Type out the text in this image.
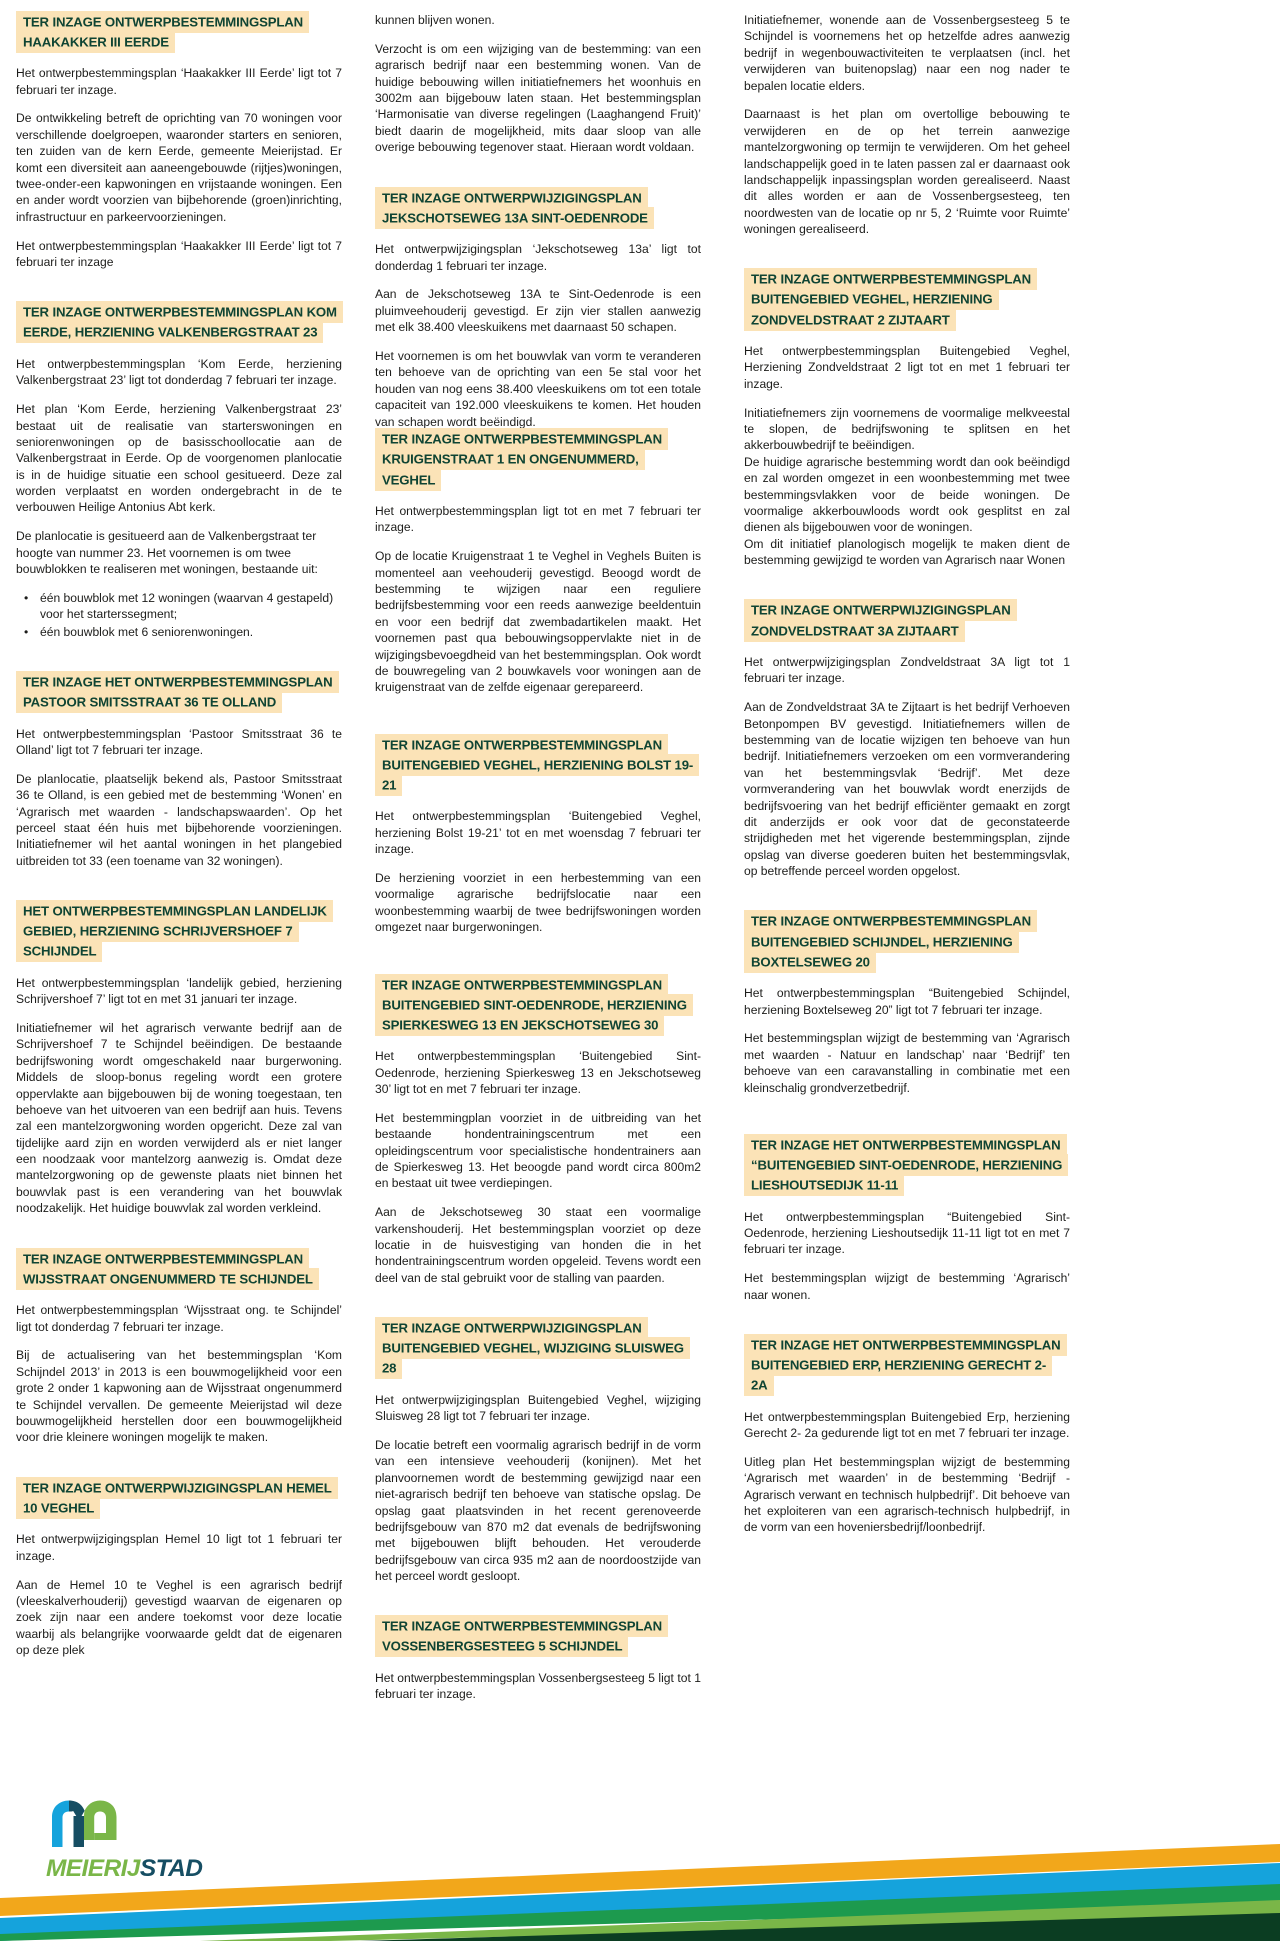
TER INZAGE ONTWERPBESTEMMINGSPLAN HAAKAKKER III EERDE

Het ontwerpbestemmingsplan ‘Haakakker III Eerde’ ligt tot 7 februari ter inzage.

De ontwikkeling betreft de oprichting van 70 woningen voor verschillende doelgroepen, waaronder starters en senioren, ten zuiden van de kern Eerde, gemeente Meierijstad. Er komt een diversiteit aan aaneengebouwde (rijtjes)woningen, twee-onder-een kapwoningen en vrijstaande woningen. Een en ander wordt voorzien van bijbehorende (groen)inrichting, infrastructuur en parkeervoorzieningen.

Het ontwerpbestemmingsplan ‘Haakakker III Eerde’ ligt tot 7 februari ter inzage

TER INZAGE ONTWERPBESTEMMINGSPLAN KOM EERDE, HERZIENING VALKENBERGSTRAAT 23

Het ontwerpbestemmingsplan ‘Kom Eerde, herziening Valkenbergstraat 23’ ligt tot donderdag 7 februari ter inzage.

Het plan ‘Kom Eerde, herziening Valkenbergstraat 23’ bestaat uit de realisatie van starterswoningen en seniorenwoningen op de basisschoollocatie aan de Valkenbergstraat in Eerde. Op de voorgenomen planlocatie is in de huidige situatie een school gesitueerd. Deze zal worden verplaatst en worden ondergebracht in de te verbouwen Heilige Antonius Abt kerk.

De planlocatie is gesitueerd aan de Valkenbergstraat ter hoogte van nummer 23. Het voornemen is om twee bouwblokken te realiseren met woningen, bestaande uit:

• één bouwblok met 12 woningen (waarvan 4 gestapeld) voor het starterssegment;
• één bouwblok met 6 seniorenwoningen.
TER INZAGE HET ONTWERPBESTEMMINGSPLAN PASTOOR SMITSSTRAAT 36 TE OLLAND

Het ontwerpbestemmingsplan ‘Pastoor Smitsstraat 36 te Olland’ ligt tot 7 februari ter inzage.

De planlocatie, plaatselijk bekend als, Pastoor Smitsstraat 36 te Olland, is een gebied met de bestemming ‘Wonen’ en ‘Agrarisch met waarden - landschapswaarden’. Op het perceel staat één huis met bijbehorende voorzieningen. Initiatiefnemer wil het aantal woningen in het plangebied uitbreiden tot 33 (een toename van 32 woningen).

HET ONTWERPBESTEMMINGSPLAN LANDELIJK GEBIED, HERZIENING SCHRIJVERSHOEF 7 SCHIJNDEL

Het ontwerpbestemmingsplan ‘landelijk gebied, herziening Schrijvershoef 7’ ligt tot en met 31 januari ter inzage.

Initiatiefnemer wil het agrarisch verwante bedrijf aan de Schrijvershoef 7 te Schijndel beëindigen. De bestaande bedrijfswoning wordt omgeschakeld naar burgerwoning. Middels de sloop-bonus regeling wordt een grotere oppervlakte aan bijgebouwen bij de woning toegestaan, ten behoeve van het uitvoeren van een bedrijf aan huis. Tevens zal een mantelzorgwoning worden opgericht. Deze zal van tijdelijke aard zijn en worden verwijderd als er niet langer een noodzaak voor mantelzorg aanwezig is. Omdat deze mantelzorgwoning op de gewenste plaats niet binnen het bouwvlak past is een verandering van het bouwvlak noodzakelijk. Het huidige bouwvlak zal worden verkleind.

TER INZAGE ONTWERPBESTEMMINGSPLAN WIJSSTRAAT ONGENUMMERD TE SCHIJNDEL

Het ontwerpbestemmingsplan ‘Wijsstraat ong. te Schijndel’ ligt tot donderdag 7 februari ter inzage.

Bij de actualisering van het bestemmingsplan ‘Kom Schijndel 2013’ in 2013 is een bouwmogelijkheid voor een grote 2 onder 1 kapwoning aan de Wijsstraat ongenummerd te Schijndel vervallen. De gemeente Meierijstad wil deze bouwmogelijkheid herstellen door een bouwmogelijkheid voor drie kleinere woningen mogelijk te maken.

TER INZAGE ONTWERPWIJZIGINGSPLAN HEMEL 10 VEGHEL

Het ontwerpwijzigingsplan Hemel 10 ligt tot 1 februari ter inzage.

Aan de Hemel 10 te Veghel is een agrarisch bedrijf (vleeskalverhouderij) gevestigd waarvan de eigenaren op zoek zijn naar een andere toekomst voor deze locatie waarbij als belangrijke voorwaarde geldt dat de eigenaren op deze plek

kunnen blijven wonen.

Verzocht is om een wijziging van de bestemming: van een agrarisch bedrijf naar een bestemming wonen. Van de huidige bebouwing willen initiatiefnemers het woonhuis en 3002m aan bijgebouw laten staan. Het bestemmingsplan ‘Harmonisatie van diverse regelingen (Laaghangend Fruit)’ biedt daarin de mogelijkheid, mits daar sloop van alle overige bebouwing tegenover staat. Hieraan wordt voldaan.

TER INZAGE ONTWERPWIJZIGINGSPLAN JEKSCHOTSEWEG 13A SINT-OEDENRODE

Het ontwerpwijzigingsplan ‘Jekschotseweg 13a’ ligt tot donderdag 1 februari ter inzage.

Aan de Jekschotseweg 13A te Sint-Oedenrode is een pluimveehouderij gevestigd. Er zijn vier stallen aanwezig met elk 38.400 vleeskuikens met daarnaast 50 schapen.

Het voornemen is om het bouwvlak van vorm te veranderen ten behoeve van de oprichting van een 5e stal voor het houden van nog eens 38.400 vleeskuikens om tot een totale capaciteit van 192.000 vleeskuikens te komen. Het houden van schapen wordt beëindigd.

TER INZAGE ONTWERPBESTEMMINGSPLAN KRUIGENSTRAAT 1 EN ONGENUMMERD, VEGHEL

Het ontwerpbestemmingsplan ligt tot en met 7 februari ter inzage.

Op de locatie Kruigenstraat 1 te Veghel in Veghels Buiten is momenteel aan veehouderij gevestigd. Beoogd wordt de bestemming te wijzigen naar een reguliere bedrijfsbestemming voor een reeds aanwezige beeldentuin en voor een bedrijf dat zwembadartikelen maakt. Het voornemen past qua bebouwingsoppervlakte niet in de wijzigingsbevoegdheid van het bestemmingsplan. Ook wordt de bouwregeling van 2 bouwkavels voor woningen aan de kruigenstraat van de zelfde eigenaar gerepareerd.

TER INZAGE ONTWERPBESTEMMINGSPLAN BUITENGEBIED VEGHEL, HERZIENING BOLST 19-21

Het ontwerpbestemmingsplan ‘Buitengebied Veghel, herziening Bolst 19-21’ tot en met woensdag 7 februari ter inzage.

De herziening voorziet in een herbestemming van een voormalige agrarische bedrijfslocatie naar een woonbestemming waarbij de twee bedrijfswoningen worden omgezet naar burgerwoningen.

TER INZAGE ONTWERPBESTEMMINGSPLAN BUITENGEBIED SINT-OEDENRODE, HERZIENING SPIERKESWEG 13 EN JEKSCHOTSEWEG 30

Het ontwerpbestemmingsplan ‘Buitengebied Sint-Oedenrode, herziening Spierkesweg 13 en Jekschotseweg 30’ ligt tot en met 7 februari ter inzage.

Het bestemmingplan voorziet in de uitbreiding van het bestaande hondentrainingscentrum met een opleidingscentrum voor specialistische hondentrainers aan de Spierkesweg 13. Het beoogde pand wordt circa 800m2 en bestaat uit twee verdiepingen.

Aan de Jekschotseweg 30 staat een voormalige varkenshouderij. Het bestemmingsplan voorziet op deze locatie in de huisvestiging van honden die in het hondentrainingscentrum worden opgeleid. Tevens wordt een deel van de stal gebruikt voor de stalling van paarden.

TER INZAGE ONTWERPWIJZIGINGSPLAN BUITENGEBIED VEGHEL, WIJZIGING SLUISWEG 28

Het ontwerpwijzigingsplan Buitengebied Veghel, wijziging Sluisweg 28 ligt tot 7 februari ter inzage.

De locatie betreft een voormalig agrarisch bedrijf in de vorm van een intensieve veehouderij (konijnen). Met het planvoornemen wordt de bestemming gewijzigd naar een niet-agrarisch bedrijf ten behoeve van statische opslag. De opslag gaat plaatsvinden in het recent gerenoveerde bedrijfsgebouw van 870 m2 dat evenals de bedrijfswoning met bijgebouwen blijft behouden. Het verouderde bedrijfsgebouw van circa 935 m2 aan de noordoostzijde van het perceel wordt gesloopt.

TER INZAGE ONTWERPBESTEMMINGSPLAN VOSSENBERGSESTEEG 5 SCHIJNDEL

Het ontwerpbestemmingsplan Vossenbergsesteeg 5 ligt tot 1 februari ter inzage.

Initiatiefnemer, wonende aan de Vossenbergsesteeg 5 te Schijndel is voornemens het op hetzelfde adres aanwezig bedrijf in wegenbouwactiviteiten te verplaatsen (incl. het verwijderen van buitenopslag) naar een nog nader te bepalen locatie elders.

Daarnaast is het plan om overtollige bebouwing te verwijderen en de op het terrein aanwezige mantelzorgwoning op termijn te verwijderen. Om het geheel landschappelijk goed in te laten passen zal er daarnaast ook landschappelijk inpassingsplan worden gerealiseerd. Naast dit alles worden er aan de Vossenbergsesteeg, ten noordwesten van de locatie op nr 5, 2 ‘Ruimte voor Ruimte’ woningen gerealiseerd.

TER INZAGE ONTWERPBESTEMMINGSPLAN BUITENGEBIED VEGHEL, HERZIENING ZONDVELDSTRAAT 2 ZIJTAART

Het ontwerpbestemmingsplan Buitengebied Veghel, Herziening Zondveldstraat 2 ligt tot en met 1 februari ter inzage.

Initiatiefnemers zijn voornemens de voormalige melkveestal te slopen, de bedrijfswoning te splitsen en het akkerbouwbedrijf te beëindigen.

De huidige agrarische bestemming wordt dan ook beëindigd en zal worden omgezet in een woonbestemming met twee bestemmingsvlakken voor de beide woningen. De voormalige akkerbouwloods wordt ook gesplitst en zal dienen als bijgebouwen voor de woningen.

Om dit initiatief planologisch mogelijk te maken dient de bestemming gewijzigd te worden van Agrarisch naar Wonen

TER INZAGE ONTWERPWIJZIGINGSPLAN ZONDVELDSTRAAT 3A ZIJTAART

Het ontwerpwijzigingsplan Zondveldstraat 3A ligt tot 1 februari ter inzage.

Aan de Zondveldstraat 3A te Zijtaart is het bedrijf Verhoeven Betonpompen BV gevestigd. Initiatiefnemers willen de bestemming van de locatie wijzigen ten behoeve van hun bedrijf. Initiatiefnemers verzoeken om een vormverandering van het bestemmingsvlak ‘Bedrijf’. Met deze vormverandering van het bouwvlak wordt enerzijds de bedrijfsvoering van het bedrijf efficiënter gemaakt en zorgt dit anderzijds er ook voor dat de geconstateerde strijdigheden met het vigerende bestemmingsplan, zijnde opslag van diverse goederen buiten het bestemmingsvlak, op betreffende perceel worden opgelost.

TER INZAGE ONTWERPBESTEMMINGSPLAN BUITENGEBIED SCHIJNDEL, HERZIENING BOXTELSEWEG 20

Het ontwerpbestemmingsplan “Buitengebied Schijndel, herziening Boxtelseweg 20” ligt tot 7 februari ter inzage.

Het bestemmingsplan wijzigt de bestemming van ‘Agrarisch met waarden - Natuur en landschap’ naar ‘Bedrijf’ ten behoeve van een caravanstalling in combinatie met een kleinschalig grondverzetbedrijf.

TER INZAGE HET ONTWERPBESTEMMINGSPLAN “BUITENGEBIED SINT-OEDENRODE, HERZIENING LIESHOUTSEDIJK 11-11

Het ontwerpbestemmingsplan “Buitengebied Sint-Oedenrode, herziening Lieshoutsedijk 11-11 ligt tot en met 7 februari ter inzage.

Het bestemmingsplan wijzigt de bestemming ‘Agrarisch’ naar wonen.

TER INZAGE HET ONTWERPBESTEMMINGSPLAN BUITENGEBIED ERP, HERZIENING GERECHT 2- 2A

Het ontwerpbestemmingsplan Buitengebied Erp, herziening Gerecht 2- 2a gedurende ligt tot en met 7 februari ter inzage.

Uitleg plan Het bestemmingsplan wijzigt de bestemming ‘Agrarisch met waarden’ in de bestemming ‘Bedrijf - Agrarisch verwant en technisch hulpbedrijf’. Dit behoeve van het exploiteren van een agrarisch-technisch hulpbedrijf, in de vorm van een hoveniersbedrijf/loonbedrijf.

MEIERIJSTAD
